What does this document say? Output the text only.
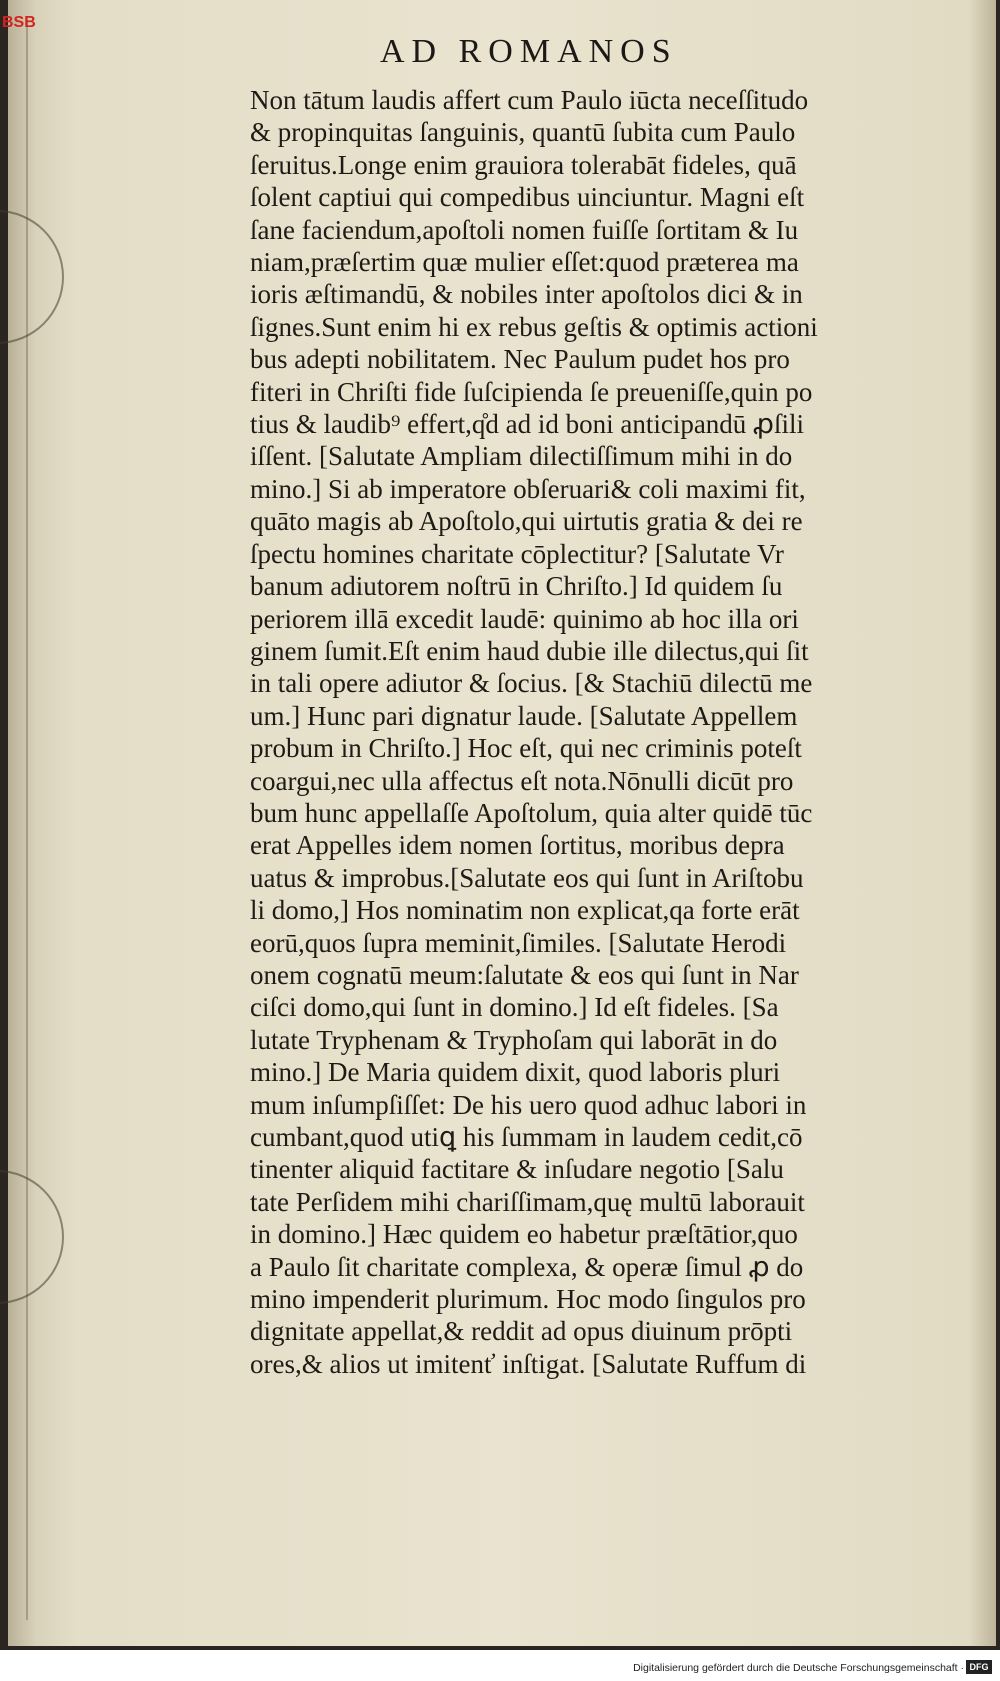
BSB
AD ROMANOS
Non tātum laudis affert cum Paulo iūcta neceſſitudo
& propinquitas ſanguinis, quantū ſubita cum Paulo
ſeruitus.Longe enim grauiora tolerabāt fideles, quā
ſolent captiui qui compedibus uinciuntur. Magni eſt
ſane faciendum,apoſtoli nomen fuiſſe ſortitam & Iu
niam,præſertim quæ mulier eſſet:quod præterea ma
ioris æſtimandū, & nobiles inter apoſtolos dici & in
ſignes.Sunt enim hi ex rebus geſtis & optimis actioni
bus adepti nobilitatem. Nec Paulum pudet hos pro
fiteri in Chriſti fide ſuſcipienda ſe preueniſſe,quin po
tius & laudib⁹ effert,q̊d ad id boni anticipandū ꝓſili
iſſent. [Salutate Ampliam dilectiſſimum mihi in do
mino.] Si ab imperatore obſeruari& coli maximi fit,
quāto magis ab Apoſtolo,qui uirtutis gratia & dei re
ſpectu homines charitate cōplectitur? [Salutate Vr
banum adiutorem noſtrū in Chriſto.] Id quidem ſu
periorem illā excedit laudē: quinimo ab hoc illa ori
ginem ſumit.Eſt enim haud dubie ille dilectus,qui ſit
in tali opere adiutor & ſocius. [& Stachiū dilectū me
um.] Hunc pari dignatur laude. [Salutate Appellem
probum in Chriſto.] Hoc eſt, qui nec criminis poteſt
coargui,nec ulla affectus eſt nota.Nōnulli dicūt pro
bum hunc appellaſſe Apoſtolum, quia alter quidē tūc
erat Appelles idem nomen ſortitus, moribus depra
uatus & improbus.[Salutate eos qui ſunt in Ariſtobu
li domo,] Hos nominatim non explicat,qa forte erāt
eorū,quos ſupra meminit,ſimiles. [Salutate Herodi
onem cognatū meum:ſalutate & eos qui ſunt in Nar
ciſci domo,qui ſunt in domino.] Id eſt fideles. [Sa
lutate Tryphenam & Tryphoſam qui laborāt in do
mino.] De Maria quidem dixit, quod laboris pluri
mum inſumpſiſſet: De his uero quod adhuc labori in
cumbant,quod utiꝗ his ſummam in laudem cedit,cō
tinenter aliquid factitare & inſudare negotio [Salu
tate Perſidem mihi chariſſimam,quę multū laborauit
in domino.] Hæc quidem eo habetur præſtātior,quo
a Paulo ſit charitate complexa, & operæ ſimul ꝓ do
mino impenderit plurimum. Hoc modo ſingulos pro
dignitate appellat,& reddit ad opus diuinum prōpti
ores,& alios ut imitenť inſtigat. [Salutate Ruffum di
Digitalisierung gefördert durch die Deutsche Forschungsgemeinschaft · DFG
